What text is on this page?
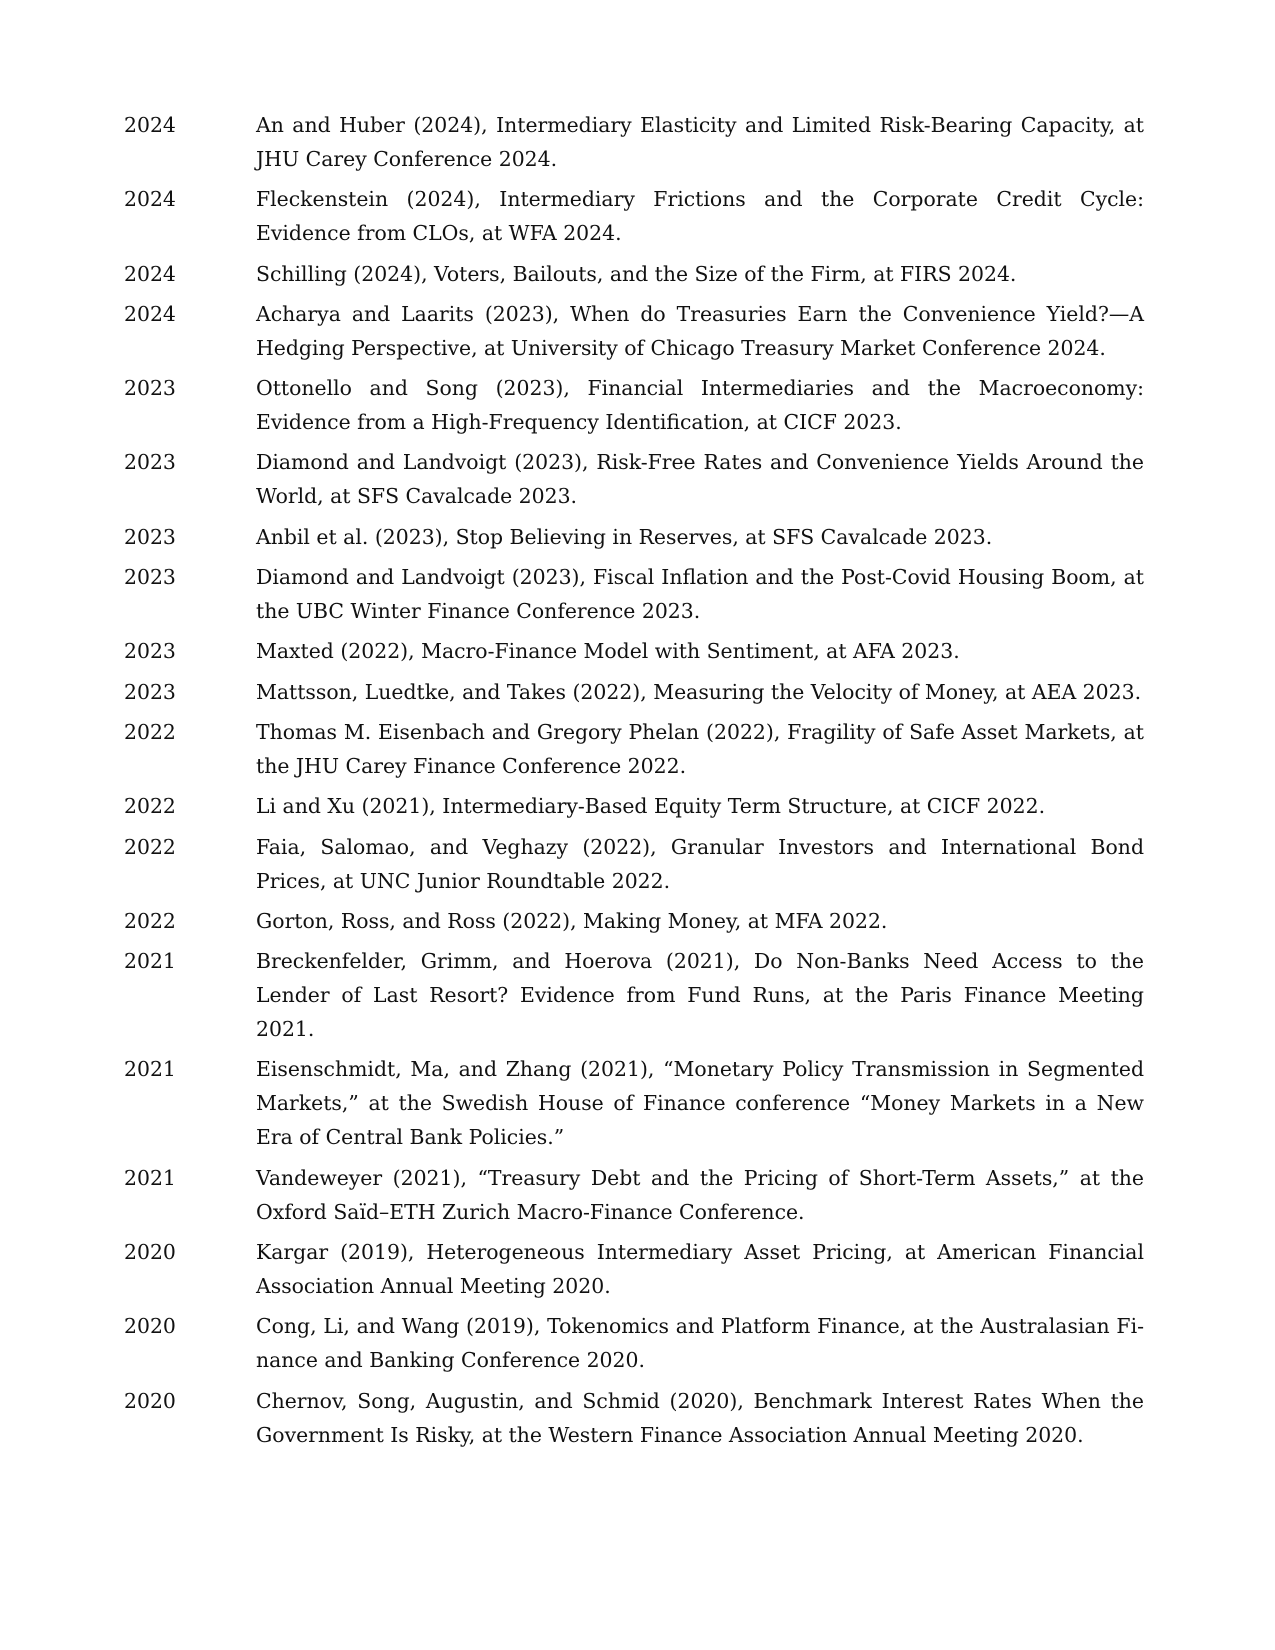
2024	An and Huber (2024), Intermediary Elasticity and Limited Risk-Bearing Capacity, at JHU Carey Conference 2024.
2024	Fleckenstein (2024), Intermediary Frictions and the Corporate Credit Cycle: Evidence from CLOs, at WFA 2024.
2024	Schilling (2024), Voters, Bailouts, and the Size of the Firm, at FIRS 2024.
2024	Acharya and Laarits (2023), When do Treasuries Earn the Convenience Yield?—A Hedging Perspective, at University of Chicago Treasury Market Conference 2024.
2023	Ottonello and Song (2023), Financial Intermediaries and the Macroeconomy: Evidence from a High-Frequency Identification, at CICF 2023.
2023	Diamond and Landvoigt (2023), Risk-Free Rates and Convenience Yields Around the World, at SFS Cavalcade 2023.
2023	Anbil et al. (2023), Stop Believing in Reserves, at SFS Cavalcade 2023.
2023	Diamond and Landvoigt (2023), Fiscal Inflation and the Post-Covid Housing Boom, at the UBC Winter Finance Conference 2023.
2023	Maxted (2022), Macro-Finance Model with Sentiment, at AFA 2023.
2023	Mattsson, Luedtke, and Takes (2022), Measuring the Velocity of Money, at AEA 2023.
2022	Thomas M. Eisenbach and Gregory Phelan (2022), Fragility of Safe Asset Markets, at the JHU Carey Finance Conference 2022.
2022	Li and Xu (2021), Intermediary-Based Equity Term Structure, at CICF 2022.
2022	Faia, Salomao, and Veghazy (2022), Granular Investors and International Bond Prices, at UNC Junior Roundtable 2022.
2022	Gorton, Ross, and Ross (2022), Making Money, at MFA 2022.
2021	Breckenfelder, Grimm, and Hoerova (2021), Do Non-Banks Need Access to the Lender of Last Resort? Evidence from Fund Runs, at the Paris Finance Meeting 2021.
2021	Eisenschmidt, Ma, and Zhang (2021), “Monetary Policy Transmission in Segmented Markets,” at the Swedish House of Finance conference “Money Markets in a New Era of Central Bank Policies.”
2021	Vandeweyer (2021), “Treasury Debt and the Pricing of Short-Term Assets,” at the Oxford Saïd–ETH Zurich Macro-Finance Conference.
2020	Kargar (2019), Heterogeneous Intermediary Asset Pricing, at American Financial Association Annual Meeting 2020.
2020	Cong, Li, and Wang (2019), Tokenomics and Platform Finance, at the Australasian Finance and Banking Conference 2020.
2020	Chernov, Song, Augustin, and Schmid (2020), Benchmark Interest Rates When the Government Is Risky, at the Western Finance Association Annual Meeting 2020.
